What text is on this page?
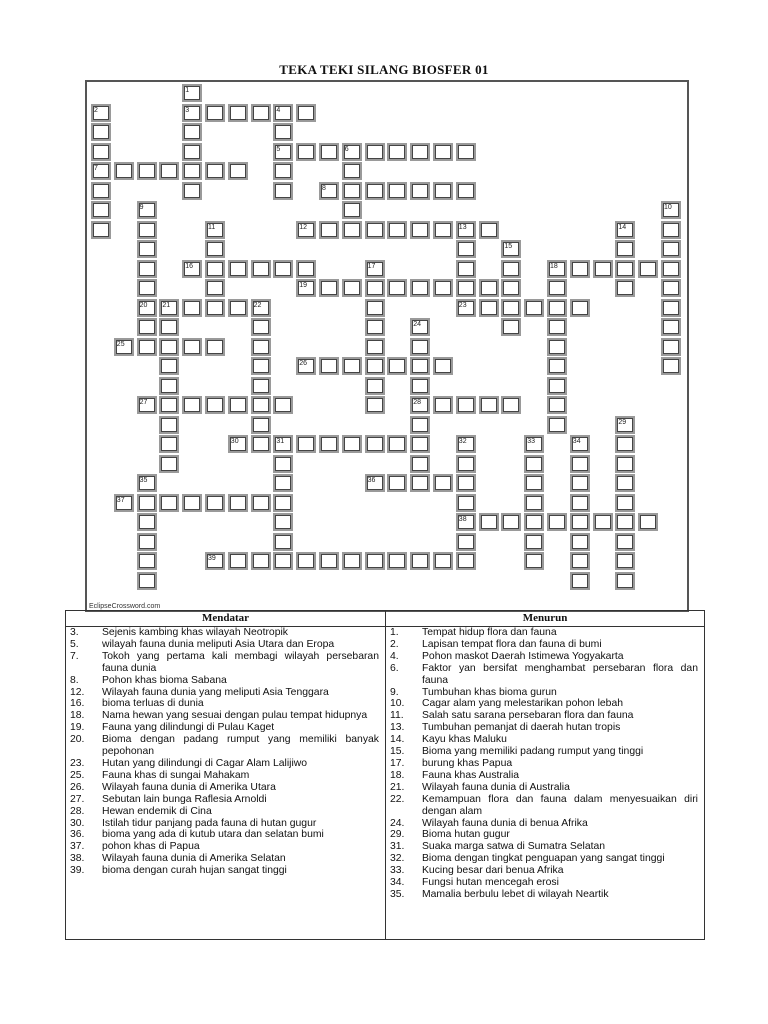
TEKA TEKI SILANG BIOSFER 01
1
2	3	4
5	6
7
8
9	10
11	12	13	14
15
16	17	18
19
20 21	22	23
24
25
26
27	28
29
30	31	32	33	34
35	36
37
38
39
EclipseCrossword.com
Mendatar
3.	Sejenis kambing khas wilayah Neotropik
5.	wilayah fauna dunia meliputi Asia Utara dan Eropa
7.	Tokoh yang pertama kali membagi wilayah persebaran fauna dunia
8.	Pohon khas bioma Sabana
12.	Wilayah fauna dunia yang meliputi Asia Tenggara
16.	bioma terluas di dunia
18.	Nama hewan yang sesuai dengan pulau tempat hidupnya
19.	Fauna yang dilindungi di Pulau Kaget
20.	Bioma dengan padang rumput yang memiliki banyak pepohonan
23.	Hutan yang dilindungi di Cagar Alam Lalijiwo
25.	Fauna khas di sungai Mahakam
26.	Wilayah fauna dunia di Amerika Utara
27.	Sebutan lain bunga Raflesia Arnoldi
28.	Hewan endemik di Cina
30.	Istilah tidur panjang pada fauna di hutan gugur
36.	bioma yang ada di kutub utara dan selatan bumi
37.	pohon khas di Papua
38.	Wilayah fauna dunia di Amerika Selatan
39.	bioma dengan curah hujan sangat tinggi
Menurun
1.	Tempat hidup flora dan fauna
2.	Lapisan tempat flora dan fauna di bumi
4.	Pohon maskot Daerah Istimewa Yogyakarta
6.	Faktor yan bersifat menghambat persebaran flora dan fauna
9.	Tumbuhan khas bioma gurun
10.	Cagar alam yang melestarikan pohon lebah
11.	Salah satu sarana persebaran flora dan fauna
13.	Tumbuhan pemanjat di daerah hutan tropis
14.	Kayu khas Maluku
15.	Bioma yang memiliki padang rumput yang tinggi
17.	burung khas Papua
18.	Fauna khas Australia
21.	Wilayah fauna dunia di Australia
22.	Kemampuan flora dan fauna dalam menyesuaikan diri dengan alam
24.	Wilayah fauna dunia di benua Afrika
29.	Bioma hutan gugur
31.	Suaka marga satwa di Sumatra Selatan
32.	Bioma dengan tingkat penguapan yang sangat tinggi
33.	Kucing besar dari benua Afrika
34.	Fungsi hutan mencegah erosi
35.	Mamalia berbulu lebet di wilayah Neartik
